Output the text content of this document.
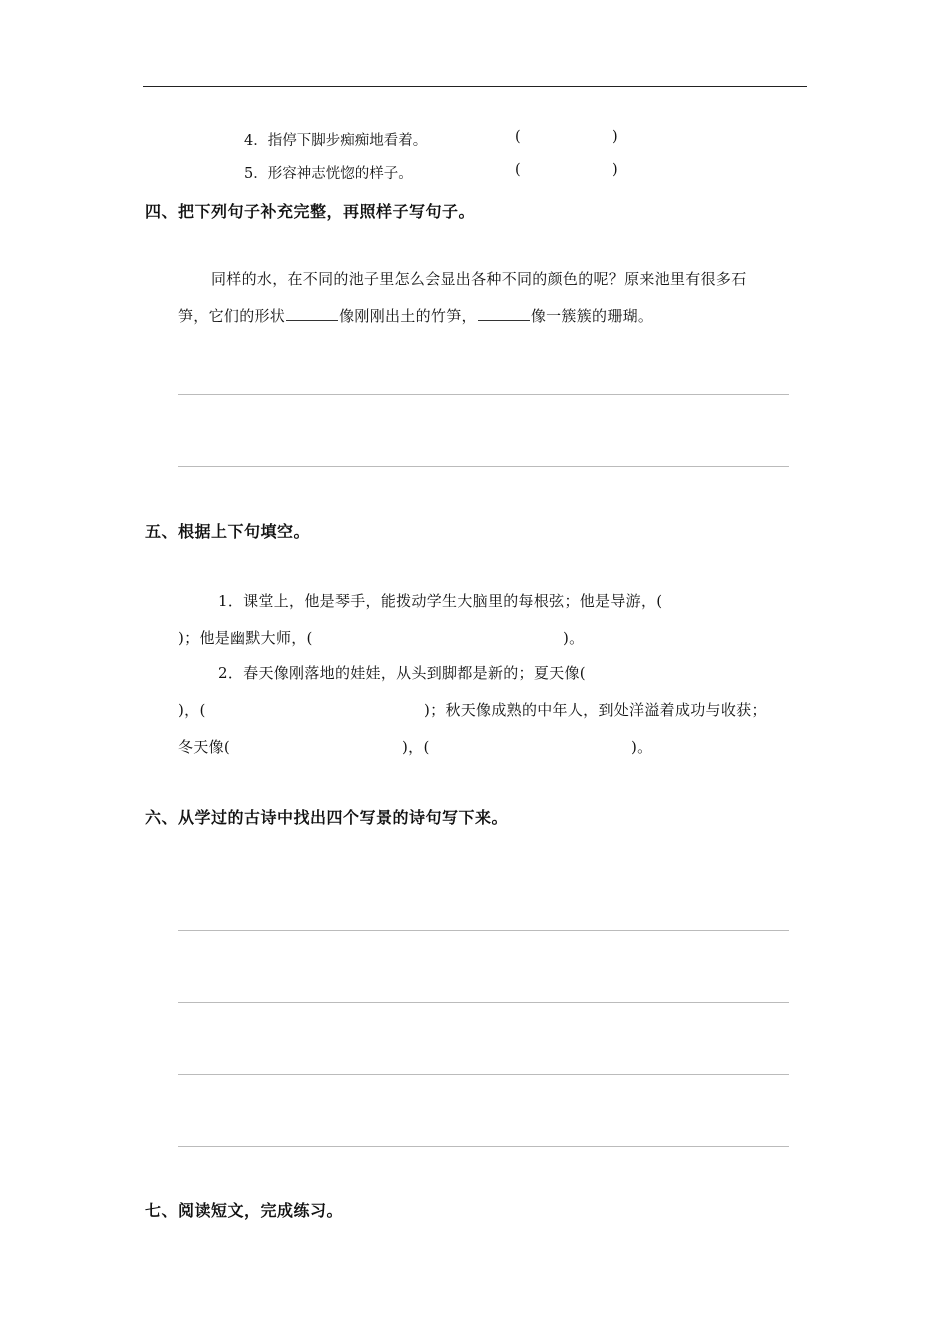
4．指停下脚步痴痴地看着。	(	)
5．形容神志恍惚的样子。	(	)
四、把下列句子补充完整，再照样子写句子。
同样的水，在不同的池子里怎么会显出各种不同的颜色的呢？原来池里有很多石
笋，它们的形状	像刚刚出土的竹笋，	像一簇簇的珊瑚。
五、根据上下句填空。
1．课堂上，他是琴手，能拨动学生大脑里的每根弦；他是导游，(
)；他是幽默大师，(	)。
2．春天像刚落地的娃娃，从头到脚都是新的；夏天像(
)，(	)；秋天像成熟的中年人，到处洋溢着成功与收获；
冬天像(	)，(	)。
六、从学过的古诗中找出四个写景的诗句写下来。
七、阅读短文，完成练习。
